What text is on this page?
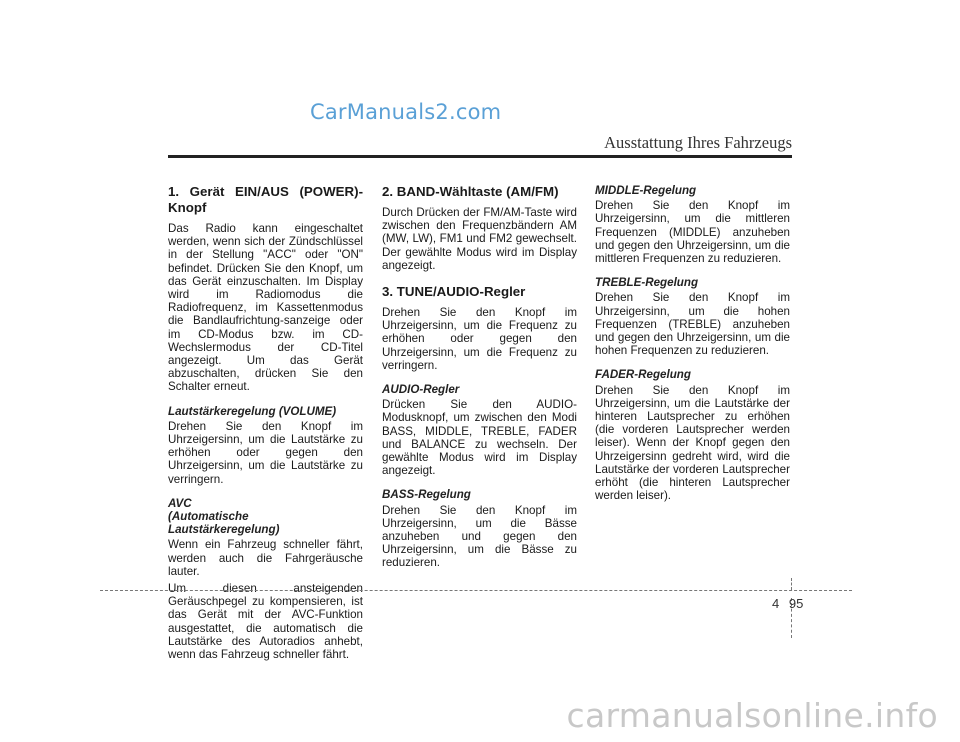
CarManuals2.com
Ausstattung Ihres Fahrzeugs
1. Gerät EIN/AUS (POWER)-Knopf

Das Radio kann eingeschaltet werden, wenn sich der Zündschlüssel in der Stellung "ACC" oder "ON" befindet. Drücken Sie den Knopf, um das Gerät einzuschalten. Im Display wird im Radiomodus die Radiofrequenz, im Kassettenmodus die Bandlaufrichtung-sanzeige oder im CD-Modus bzw. im CD-Wechslermodus der CD-Titel angezeigt. Um das Gerät abzuschalten, drücken Sie den Schalter erneut.

Lautstärkeregelung (VOLUME)

Drehen Sie den Knopf im Uhrzeigersinn, um die Lautstärke zu erhöhen oder gegen den Uhrzeigersinn, um die Lautstärke zu verringern.

AVC
(Automatische Lautstärkeregelung)

Wenn ein Fahrzeug schneller fährt, werden auch die Fahrgeräusche lauter.

Um diesen ansteigenden Geräuschpegel zu kompensieren, ist das Gerät mit der AVC-Funktion ausgestattet, die automatisch die Lautstärke des Autoradios anhebt, wenn das Fahrzeug schneller fährt.

2. BAND-Wähltaste (AM/FM)

Durch Drücken der FM/AM-Taste wird zwischen den Frequenzbändern AM (MW, LW), FM1 und FM2 gewechselt. Der gewählte Modus wird im Display angezeigt.

3. TUNE/AUDIO-Regler

Drehen Sie den Knopf im Uhrzeigersinn, um die Frequenz zu erhöhen oder gegen den Uhrzeigersinn, um die Frequenz zu verringern.

AUDIO-Regler

Drücken Sie den AUDIO-Modusknopf, um zwischen den Modi BASS, MIDDLE, TREBLE, FADER und BALANCE zu wechseln. Der gewählte Modus wird im Display angezeigt.

BASS-Regelung

Drehen Sie den Knopf im Uhrzeigersinn, um die Bässe anzuheben und gegen den Uhrzeigersinn, um die Bässe zu reduzieren.

MIDDLE-Regelung

Drehen Sie den Knopf im Uhrzeigersinn, um die mittleren Frequenzen (MIDDLE) anzuheben und gegen den Uhrzeigersinn, um die mittleren Frequenzen zu reduzieren.

TREBLE-Regelung

Drehen Sie den Knopf im Uhrzeigersinn, um die hohen Frequenzen (TREBLE) anzuheben und gegen den Uhrzeigersinn, um die hohen Frequenzen zu reduzieren.

FADER-Regelung

Drehen Sie den Knopf im Uhrzeigersinn, um die Lautstärke der hinteren Lautsprecher zu erhöhen (die vorderen Lautsprecher werden leiser). Wenn der Knopf gegen den Uhrzeigersinn gedreht wird, wird die Lautstärke der vorderen Lautsprecher erhöht (die hinteren Lautsprecher werden leiser).

4 95
carmanualsonline.info
